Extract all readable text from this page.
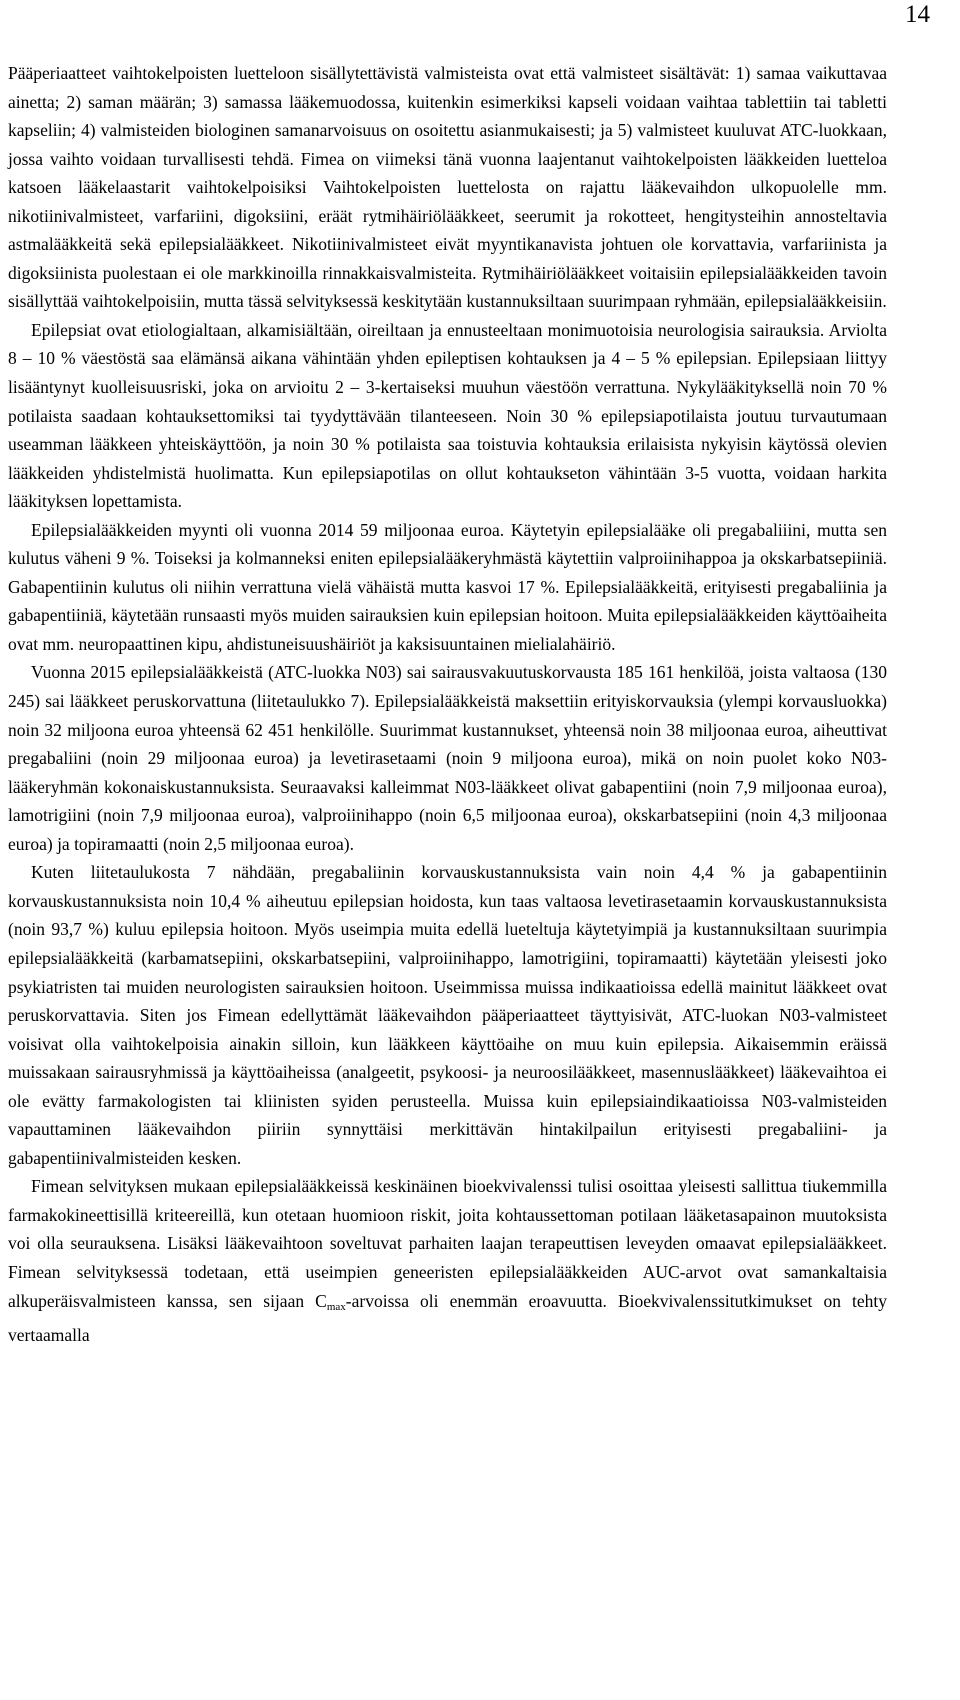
14

Pääperiaatteet vaihtokelpoisten luetteloon sisällytettävistä valmisteista ovat että valmisteet sisältävät: 1) samaa vaikuttavaa ainetta; 2) saman määrän; 3) samassa lääkemuodossa, kuitenkin esimerkiksi kapseli voidaan vaihtaa tablettiin tai tabletti kapseliin; 4) valmisteiden biologinen samanarvoisuus on osoitettu asianmukaisesti; ja 5) valmisteet kuuluvat ATC-luokkaan, jossa vaihto voidaan turvallisesti tehdä. Fimea on viimeksi tänä vuonna laajentanut vaihtokelpoisten lääkkeiden luetteloa katsoen lääkelaastarit vaihtokelpoisiksi Vaihtokelpoisten luettelosta on rajattu lääkevaihdon ulkopuolelle mm. nikotiinivalmisteet, varfariini, digoksiini, eräät rytmihäiriölääkkeet, seerumit ja rokotteet, hengitysteihin annosteltavia astmalääkkeitä sekä epilepsialääkkeet. Nikotiinivalmisteet eivät myyntikanavista johtuen ole korvattavia, varfariinista ja digoksiinista puolestaan ei ole markkinoilla rinnakkaisvalmisteita. Rytmihäiriölääkkeet voitaisiin epilepsialääkkeiden tavoin sisällyttää vaihtokelpoisiin, mutta tässä selvityksessä keskitytään kustannuksiltaan suurimpaan ryhmään, epilepsialääkkeisiin.

Epilepsiat ovat etiologialtaan, alkamisiältään, oireiltaan ja ennusteeltaan monimuotoisia neurologisia sairauksia. Arviolta 8 – 10 % väestöstä saa elämänsä aikana vähintään yhden epileptisen kohtauksen ja 4 – 5 % epilepsian. Epilepsiaan liittyy lisääntynyt kuolleisuusriski, joka on arvioitu 2 – 3-kertaiseksi muuhun väestöön verrattuna. Nykylääkityksellä noin 70 % potilaista saadaan kohtauksettomiksi tai tyydyttävään tilanteeseen. Noin 30 % epilepsiapotilaista joutuu turvautumaan useamman lääkkeen yhteiskäyttöön, ja noin 30 % potilaista saa toistuvia kohtauksia erilaisista nykyisin käytössä olevien lääkkeiden yhdistelmistä huolimatta. Kun epilepsiapotilas on ollut kohtaukseton vähintään 3-5 vuotta, voidaan harkita lääkityksen lopettamista.

Epilepsialääkkeiden myynti oli vuonna 2014 59 miljoonaa euroa. Käytetyin epilepsialääke oli pregabaliiini, mutta sen kulutus väheni 9 %. Toiseksi ja kolmanneksi eniten epilepsialääkeryhmästä käytettiin valproiinihappoa ja okskarbatsepiiniä. Gabapentiinin kulutus oli niihin verrattuna vielä vähäistä mutta kasvoi 17 %. Epilepsialääkkeitä, erityisesti pregabaliinia ja gabapentiiniä, käytetään runsaasti myös muiden sairauksien kuin epilepsian hoitoon. Muita epilepsialääkkeiden käyttöaiheita ovat mm. neuropaattinen kipu, ahdistuneisuushäiriöt ja kaksisuuntainen mielialahäiriö.

Vuonna 2015 epilepsialääkkeistä (ATC-luokka N03) sai sairausvakuutuskorvausta 185 161 henkilöä, joista valtaosa (130 245) sai lääkkeet peruskorvattuna (liitetaulukko 7). Epilepsialääkkeistä maksettiin erityiskorvauksia (ylempi korvausluokka) noin 32 miljoona euroa yhteensä 62 451 henkilölle. Suurimmat kustannukset, yhteensä noin 38 miljoonaa euroa, aiheuttivat pregabaliini (noin 29 miljoonaa euroa) ja levetirasetaami (noin 9 miljoona euroa), mikä on noin puolet koko N03-lääkeryhmän kokonaiskustannuksista. Seuraavaksi kalleimmat N03-lääkkeet olivat gabapentiini (noin 7,9 miljoonaa euroa), lamotrigiini (noin 7,9 miljoonaa euroa), valproiinihappo (noin 6,5 miljoonaa euroa), okskarbatsepiini (noin 4,3 miljoonaa euroa) ja topiramaatti (noin 2,5 miljoonaa euroa).

Kuten liitetaulukosta 7 nähdään, pregabaliinin korvauskustannuksista vain noin 4,4 % ja gabapentiinin korvauskustannuksista noin 10,4 % aiheutuu epilepsian hoidosta, kun taas valtaosa levetirasetaamin korvauskustannuksista (noin 93,7 %) kuluu epilepsia hoitoon. Myös useimpia muita edellä lueteltuja käytetyimpiä ja kustannuksiltaan suurimpia epilepsialääkkeitä (karbamatsepiini, okskarbatsepiini, valproiinihappo, lamotrigiini, topiramaatti) käytetään yleisesti joko psykiatristen tai muiden neurologisten sairauksien hoitoon. Useimmissa muissa indikaatioissa edellä mainitut lääkkeet ovat peruskorvattavia. Siten jos Fimean edellyttämät lääkevaihdon pääperiaatteet täyttyisivät, ATC-luokan N03-valmisteet voisivat olla vaihtokelpoisia ainakin silloin, kun lääkkeen käyttöaihe on muu kuin epilepsia. Aikaisemmin eräissä muissakaan sairausryhmissä ja käyttöaiheissa (analgeetit, psykoosi- ja neuroosilääkkeet, masennuslääkkeet) lääkevaihtoa ei ole evätty farmakologisten tai kliinisten syiden perusteella. Muissa kuin epilepsiaindikaatioissa N03-valmisteiden vapauttaminen lääkevaihdon piiriin synnyttäisi merkittävän hintakilpailun erityisesti pregabaliini- ja gabapentiinivalmisteiden kesken.

Fimean selvityksen mukaan epilepsialääkkeissä keskinäinen bioekvivalenssi tulisi osoittaa yleisesti sallittua tiukemmilla farmakokineettisillä kriteereillä, kun otetaan huomioon riskit, joita kohtaussettoman potilaan lääketasapainon muutoksista voi olla seurauksena. Lisäksi lääkevaihtoon soveltuvat parhaiten laajan terapeuttisen leveyden omaavat epilepsialääkkeet. Fimean selvityksessä todetaan, että useimpien geneeristen epilepsialääkkeiden AUC-arvot ovat samankaltaisia alkuperäisvalmisteen kanssa, sen sijaan $C_{max}$-arvoissa oli enemmän eroavuutta. Bioekvivalenssitutkimukset on tehty vertaamalla
